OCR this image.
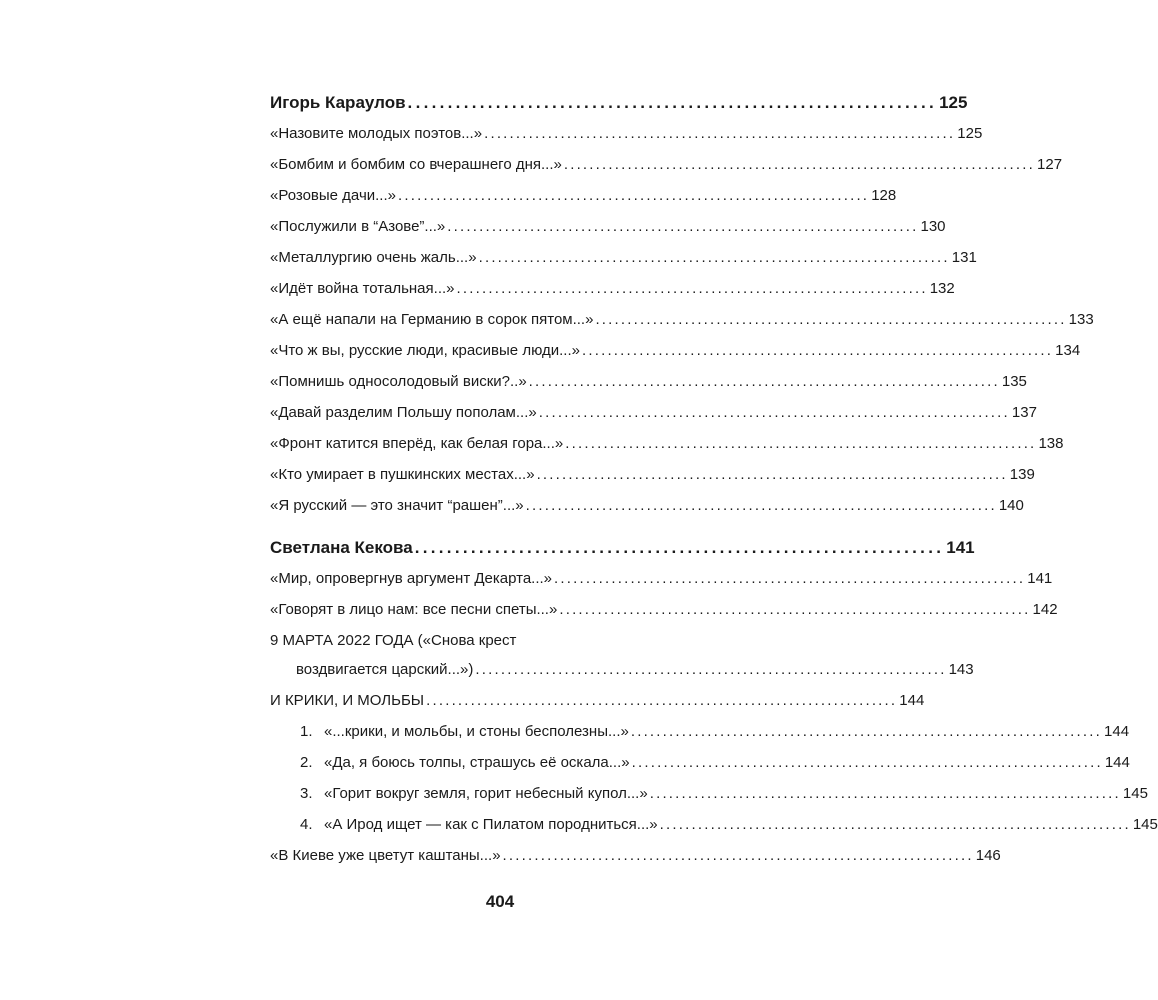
Игорь Караулов .................................................................. 125
«Назовите молодых поэтов...» .......................................................................... 125
«Бомбим и бомбим со вчерашнего дня...» .......................................................................... 127
«Розовые дачи...» .......................................................................... 128
«Послужили в “Азове”...» .......................................................................... 130
«Металлургию очень жаль...» .......................................................................... 131
«Идёт война тотальная...» .......................................................................... 132
«А ещё напали на Германию в сорок пятом...» .......................................................................... 133
«Что ж вы, русские люди, красивые люди...» .......................................................................... 134
«Помнишь односолодовый виски?..» .......................................................................... 135
«Давай разделим Польшу пополам...» .......................................................................... 137
«Фронт катится вперёд, как белая гора...» .......................................................................... 138
«Кто умирает в пушкинских местах...» .......................................................................... 139
«Я русский — это значит “рашен”...» .......................................................................... 140
Светлана Кекова .................................................................. 141
«Мир, опровергнув аргумент Декарта...» .......................................................................... 141
«Говорят в лицо нам: все песни спеты...» .......................................................................... 142
9 МАРТА 2022 ГОДА («Снова крест
воздвигается царский...») .......................................................................... 143
И КРИКИ, И МОЛЬБЫ .......................................................................... 144
1. «...крики, и мольбы, и стоны бесполезны...» .......................................................................... 144
2. «Да, я боюсь толпы, страшусь её оскала...» .......................................................................... 144
3. «Горит вокруг земля, горит небесный купол...» .......................................................................... 145
4. «А Ирод ищет — как с Пилатом породниться...» .......................................................................... 145
«В Киеве уже цветут каштаны...» .......................................................................... 146
404
